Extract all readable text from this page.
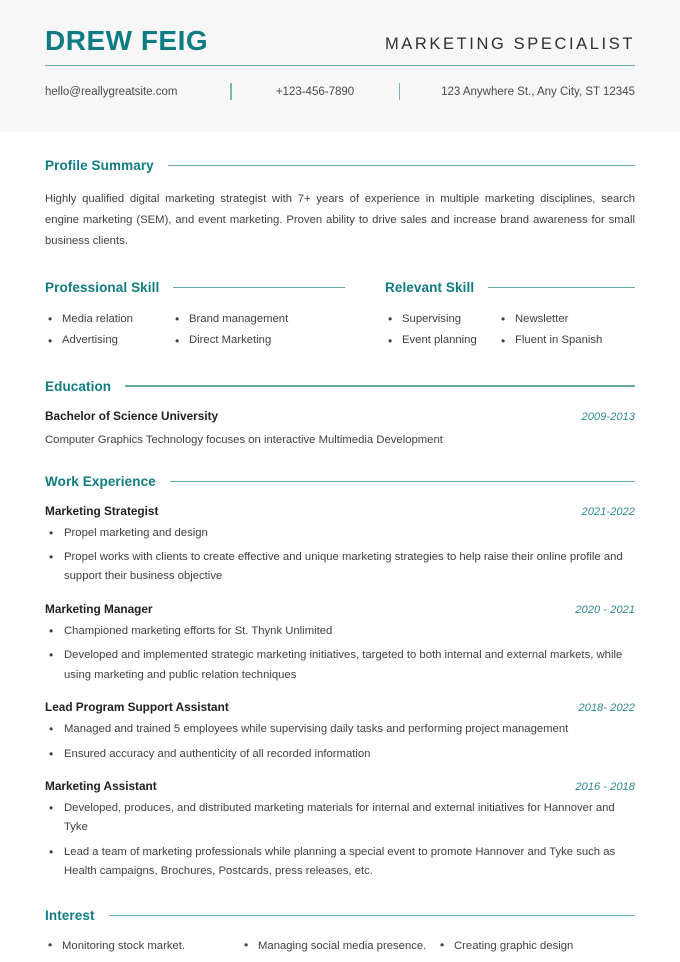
DREW FEIG	MARKETING SPECIALIST
hello@reallygreatsite.com	+123-456-7890	123 Anywhere St., Any City, ST 12345
Profile Summary
Highly qualified digital marketing strategist with 7+ years of experience in multiple marketing disciplines, search engine marketing (SEM), and event marketing. Proven ability to drive sales and increase brand awareness for small business clients.
Professional Skill
• Media relation
• Advertising
• Brand management
• Direct Marketing
Relevant Skill
• Supervising
• Event planning
• Newsletter
• Fluent in Spanish
Education
Bachelor of Science University	2009-2013
Computer Graphics Technology focuses on interactive Multimedia Development
Work Experience
Marketing Strategist	2021-2022
• Propel marketing and design
• Propel works with clients to create effective and unique marketing strategies to help raise their online profile and support their business objective
Marketing Manager	2020 - 2021
• Championed marketing efforts for St. Thynk Unlimited
• Developed and implemented strategic marketing initiatives, targeted to both internal and external markets, while using marketing and public relation techniques
Lead Program Support Assistant	2018- 2022
• Managed and trained 5 employees while supervising daily tasks and performing project management
• Ensured accuracy and authenticity of all recorded information
Marketing Assistant	2016 - 2018
• Developed, produces, and distributed marketing materials for internal and external initiatives for Hannover and Tyke
• Lead a team of marketing professionals while planning a special event to promote Hannover and Tyke such as Health campaigns, Brochures, Postcards, press releases, etc.
Interest
• Monitoring stock market.	• Managing social media presence.	• Creating graphic design
